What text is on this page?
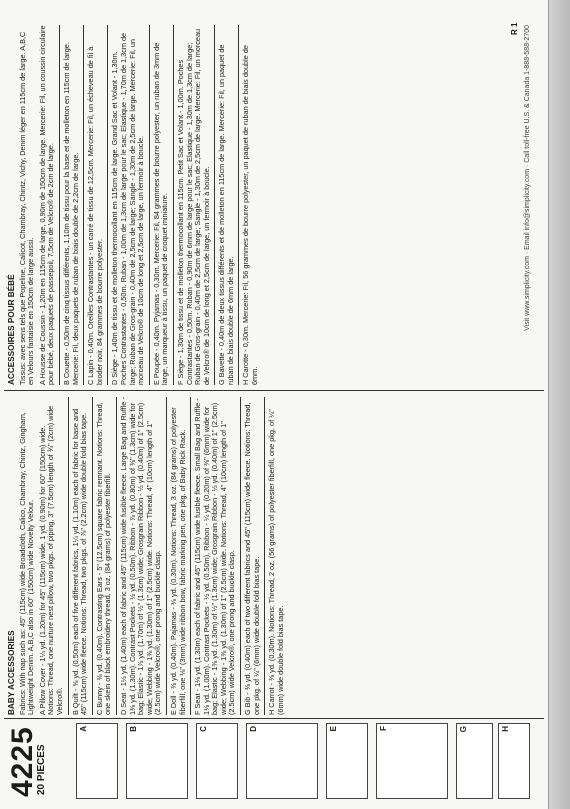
4225
20 PIECES
A	B	C	D	E	F	G	H
BABY ACCESSORIES Fabrics: With nap such as: 45" (115cm) wide Broadcloth, Calico, Chambray, Chintz, Gingham, Lightweight Denim. A,B,C also in 60" (150cm) wide Novelty Velour. A Pillow Cover - 1¼ yd. (1.20m) for 45" (115cm) wide, 1 yd. (0.90m) for 60" (150cm) wide. Notions: Thread, one nurture nest pillow, two pkgs. of piping, 3" (7.5cm) length of ¾" (2cm) wide Velcro®. B Quilt - ⅝ yd. (0.50m) each of five different fabrics, 1¼ yd. (1.10m) each of fabric for base and 45" (115cm) wide fleece. Notions: Thread, two pkgs. of ⅞" (2.2cm) wide double fold bias tape. C Bunny - ⅜ yd. (0.40m). Contrasting Ears - 5" (12.5cm) square fabric remnant. Notions: Thread, one skein of black embroidery thread, 3 oz. (84 grams) of polyester fiberfill. D Seat - 1½ yd. (1.40m) each of fabric and 45" (115cm) wide fusible fleece. Large Bag and Ruffle - 1⅜ yd. (1.30m). Contrast Pockets - ½ yd. (0.50m). Ribbon - ⅞ yd. (0.80m) of ⅜" (1.3cm) wide for bag; Elastic - 1⅞ yd. (1.70m) of ½" (1.3cm) wide; Grosgrain Ribbon - ½ yd. (0.40m) of 1" (2.5cm) wide; Webbing - 1⅜ yd. (1.30m) of 1" (2.5cm) wide. Notions: Thread, 4" (10cm) length of 1" (2.5cm) wide Velcro®, one prong and buckle clasp. E Doll - ⅜ yd. (0.40m). Pajamas - ⅜ yd. (0.30m). Notions: Thread, 3 oz. (84 grams) of polyester fiberfill, one ⅛" (3mm) wide ribbon bow, fabric marking pen, one pkg. of Baby Rick Rack. F Seat - 1⅛ yd. (1.30m) each of fabric and 45" (115cm) wide fusible fleece. Small Bag and Ruffle - 1⅛ yd. (1.00m). Contrast Pockets - ½ yd. (0.50m). Ribbon - ¼ yd. (0.20m) of ⅜" (6mm) wide for bag; Elastic - 1⅜ yd. (1.30m) of ½" (1.3cm) wide; Grosgrain Ribbon - ½ yd. (0.40m) of 1" (2.5cm) wide; Webbing - 1⅜ yd. (1.30m) of 1" (2.5cm) wide. Notions: Thread, 4" (10cm) length of 1" (2.5cm) wide Velcro®, one prong and buckle clasp. G Bib - ⅜ yd. (0.40m) each of two different fabrics and 45" (115cm) wide fleece. Notions: Thread, one pkg. of ¼" (6mm) wide double fold bias tape. H Carrot - ⅜ yd. (0.30m). Notions: Thread, 2 oz. (56 grams) of polyester fiberfill, one pkg. of ¼" (6mm) wide double fold bias tape.
ACCESSOIRES POUR BÉBÉ Tissus: avec sens tels que Popeline, Calicot, Chambray, Chintz, Vichy, Denim léger en 115cm de large. A,B,C en Velours fantaisie en 150cm de large aussi. A Housse de Coussin - 1,20m en 115cm de large, 0,90m de 150cm de large. Mercerie: Fil, un coussin circulaire pour bébé, deux paquets de passepoil, 7,5cm de Velcro® de 2cm de large. B Couette - 0,50m de cinq tissus différents, 1,10m de tissu pour la base et de molleton en 115cm de large. Mercerie: Fil, deux paquets de ruban de biais double de 2,2cm de large. C Lapin - 0,40m. Oreilles Contrastantes - un carré de tissu de 12,5cm. Mercerie: Fil, un écheveau de fil à broder noir, 84 grammes de bourre polyester. D Siège - 1,40m de tissu et de molleton thermocollant en 115cm de large. Grand Sac et Volant - 1,30m. Poches Contrastantes - 0,50m. Ruban - 1,00m de 1,3cm de large pour le sac; Elastique - 1,70m de 1,3cm de large; Ruban de Gros-grain - 0,40m de 2,5cm de large; Sangle - 1,30m de 2,5cm de large. Mercerie: Fil, un morceau de Velcro® de 10cm de long et 2,5cm de large, un fermoir à boucle. E Poupée - 0,40m. Pyjamas - 0,30m. Mercerie: Fil, 84 grammes de bourre polyester, un ruban de 3mm de large, un marqueur à tissu, un paquet de croquet miniature. F Siège - 1,30m de tissu et de molleton thermocollant en 115cm. Petit Sac et Volant - 1,00m. Poches Contrastantes - 0,50m. Ruban - 0,90m de 6mm de large pour le sac; Elastique - 1,30m de 1,3cm de large; Ruban de Gros-grain - 0,40m de 2,5cm de large; Sangle - 1,30m de 2,5cm de large. Mercerie: Fil, un morceau de Velcro® de 10cm de long et 2,5cm de large, un fermoir à boucle. G Bavette - 0,40m de deux tissus différents et de molleton en 115cm de large. Mercerie: Fil, un paquet de ruban de biais double de 6mm de large. H Carotte - 0,30m. Mercerie: Fil, 56 grammes de bourre polyester, un paquet de ruban de biais double de 6mm.
R 1 Visit www.simplicity.com · Email info@simplicity.com · Call toll-free U.S. & Canada 1-888-588-2700
